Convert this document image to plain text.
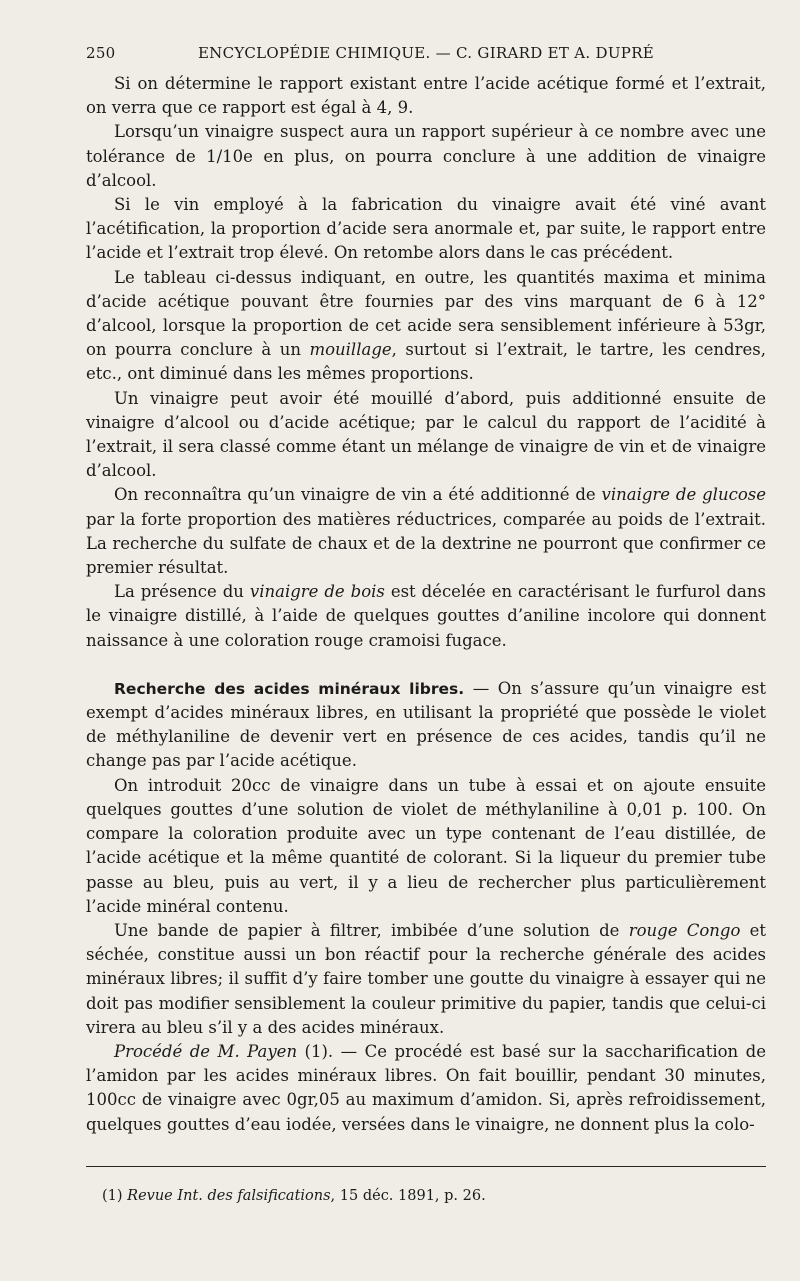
250	ENCYCLOPÉDIE CHIMIQUE. — C. GIRARD ET A. DUPRÉ

Si on détermine le rapport existant entre l’acide acétique formé et l’extrait, on verra que ce rapport est égal à 4, 9.

Lorsqu’un vinaigre suspect aura un rapport supérieur à ce nombre avec une tolérance de 1/10e en plus, on pourra conclure à une addition de vinaigre d’alcool.

Si le vin employé à la fabrication du vinaigre avait été viné avant l’acétification, la proportion d’acide sera anormale et, par suite, le rapport entre l’acide et l’extrait trop élevé. On retombe alors dans le cas précédent.

Le tableau ci-dessus indiquant, en outre, les quantités maxima et minima d’acide acétique pouvant être fournies par des vins marquant de 6 à 12° d’alcool, lorsque la proportion de cet acide sera sensiblement inférieure à 53gr, on pourra conclure à un mouillage, surtout si l’extrait, le tartre, les cendres, etc., ont diminué dans les mêmes proportions.

Un vinaigre peut avoir été mouillé d’abord, puis additionné ensuite de vinaigre d’alcool ou d’acide acétique; par le calcul du rapport de l’acidité à l’extrait, il sera classé comme étant un mélange de vinaigre de vin et de vinaigre d’alcool.

On reconnaîtra qu’un vinaigre de vin a été additionné de vinaigre de glucose par la forte proportion des matières réductrices, comparée au poids de l’extrait. La recherche du sulfate de chaux et de la dextrine ne pourront que confirmer ce premier résultat.

La présence du vinaigre de bois est décelée en caractérisant le furfurol dans le vinaigre distillé, à l’aide de quelques gouttes d’aniline incolore qui donnent naissance à une coloration rouge cramoisi fugace.

Recherche des acides minéraux libres. — On s’assure qu’un vinaigre est exempt d’acides minéraux libres, en utilisant la propriété que possède le violet de méthylaniline de devenir vert en présence de ces acides, tandis qu’il ne change pas par l’acide acétique.

On introduit 20cc de vinaigre dans un tube à essai et on ajoute ensuite quelques gouttes d’une solution de violet de méthylaniline à 0,01 p. 100. On compare la coloration produite avec un type contenant de l’eau distillée, de l’acide acétique et la même quantité de colorant. Si la liqueur du premier tube passe au bleu, puis au vert, il y a lieu de rechercher plus particulièrement l’acide minéral contenu.

Une bande de papier à filtrer, imbibée d’une solution de rouge Congo et séchée, constitue aussi un bon réactif pour la recherche générale des acides minéraux libres; il suffit d’y faire tomber une goutte du vinaigre à essayer qui ne doit pas modifier sensiblement la couleur primitive du papier, tandis que celui-ci virera au bleu s’il y a des acides minéraux.

Procédé de M. Payen (1). — Ce procédé est basé sur la saccharification de l’amidon par les acides minéraux libres. On fait bouillir, pendant 30 minutes, 100cc de vinaigre avec 0gr,05 au maximum d’amidon. Si, après refroidissement, quelques gouttes d’eau iodée, versées dans le vinaigre, ne donnent plus la colo-

(1) Revue Int. des falsifications, 15 déc. 1891, p. 26.
